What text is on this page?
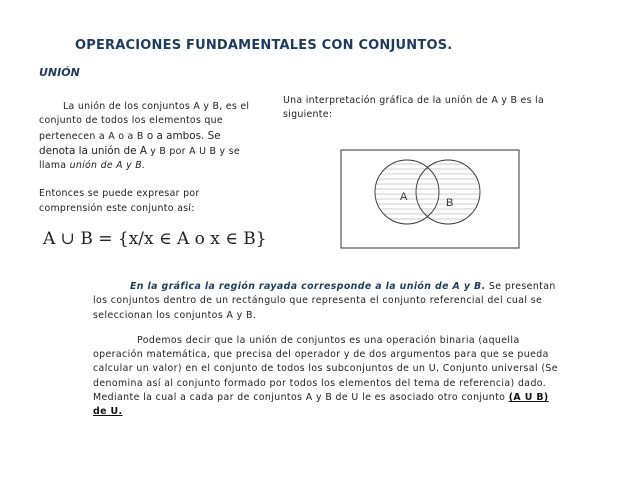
OPERACIONES FUNDAMENTALES CON CONJUNTOS.
UNIÓN

La unión de los conjuntos A y B, es el conjunto de todos los elementos que pertenecen a A o a B o a ambos. Se denota la unión de A y B por A U B y se llama unión de A y B.

Entonces se puede expresar por comprensión este conjunto así:

A ∪ B = {x/x ∈ A o x ∈ B}
Una interpretación gráfica de la unión de A y B es la siguiente:
A	B

En la gráfica la región rayada corresponde a la unión de A y B. Se presentan los conjuntos dentro de un rectángulo que representa el conjunto referencial del cual se seleccionan los conjuntos A y B.

Podemos decir que la unión de conjuntos es una operación binaria (aquella operación matemática, que precisa del operador y de dos argumentos para que se pueda calcular un valor) en el conjunto de todos los subconjuntos de un U, Conjunto universal (Se denomina así al conjunto formado por todos los elementos del tema de referencia) dado. Mediante la cual a cada par de conjuntos A y B de U le es asociado otro conjunto (A U B) de U.
